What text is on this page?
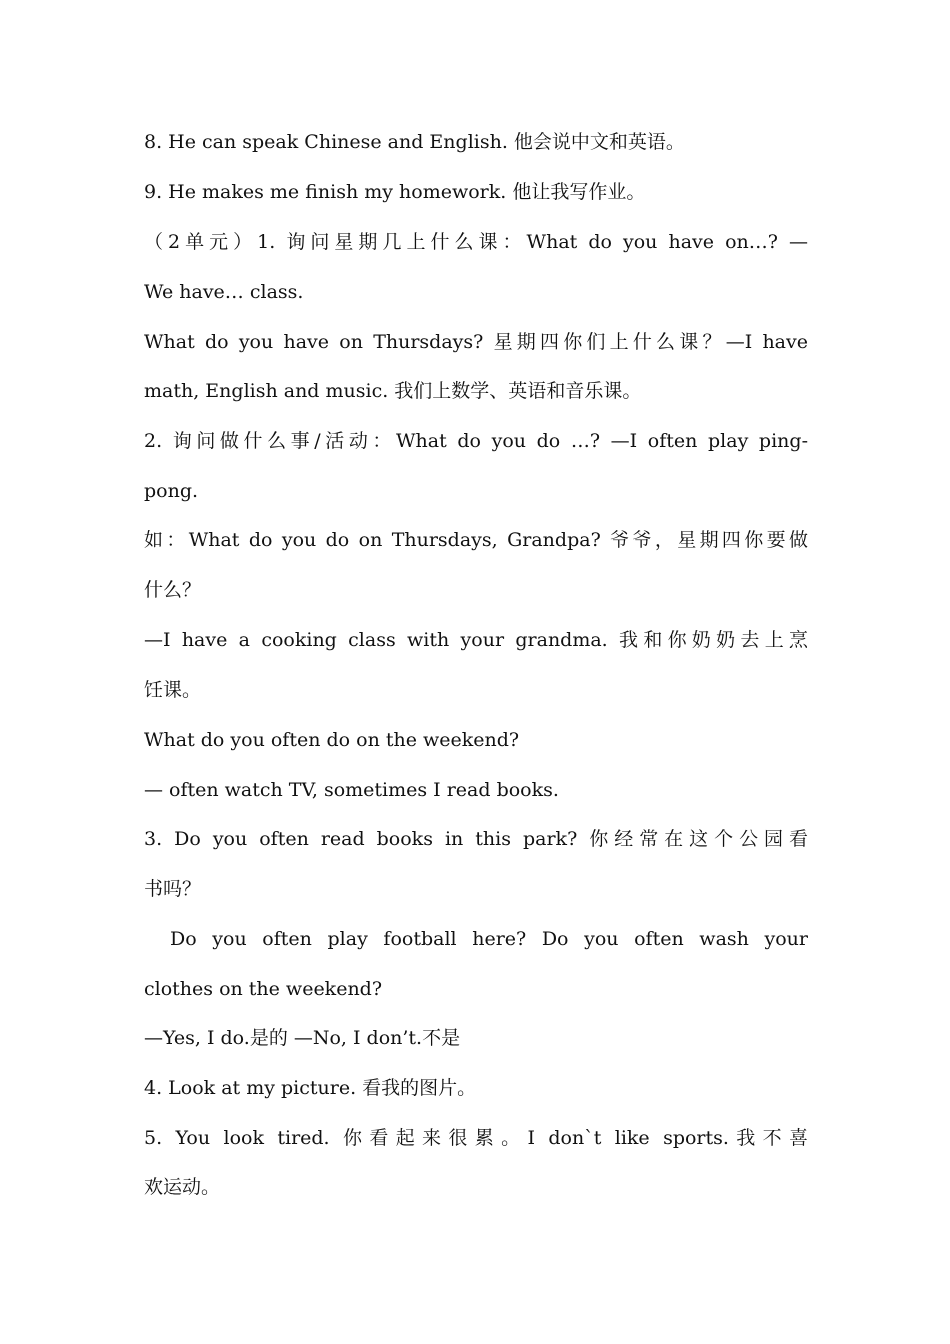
8. He can speak Chinese and English. 他会说中文和英语。
9. He makes me finish my homework. 他让我写作业。
（2单元）1. 询问星期几上什么课：What do you have on…? —
We have… class.
What do you have on Thursdays? 星期四你们上什么课？—I have
math, English and music. 我们上数学、英语和音乐课。
2. 询问做什么事/活动：What do you do …? —I often play ping-
pong.
如：What do you do on Thursdays, Grandpa? 爷爷，星期四你要做
什么？
—I have a cooking class with your grandma. 我和你奶奶去上烹
饪课。
What do you often do on the weekend?
— often watch TV, sometimes I read books.
3. Do you often read books in this park? 你经常在这个公园看
书吗？
Do you often play football here? Do you often wash your
clothes on the weekend?
—Yes, I do.是的 —No, I don’t.不是
4. Look at my picture. 看我的图片。
5. You look tired. 你看起来很累。I don`t like sports.我不喜
欢运动。
